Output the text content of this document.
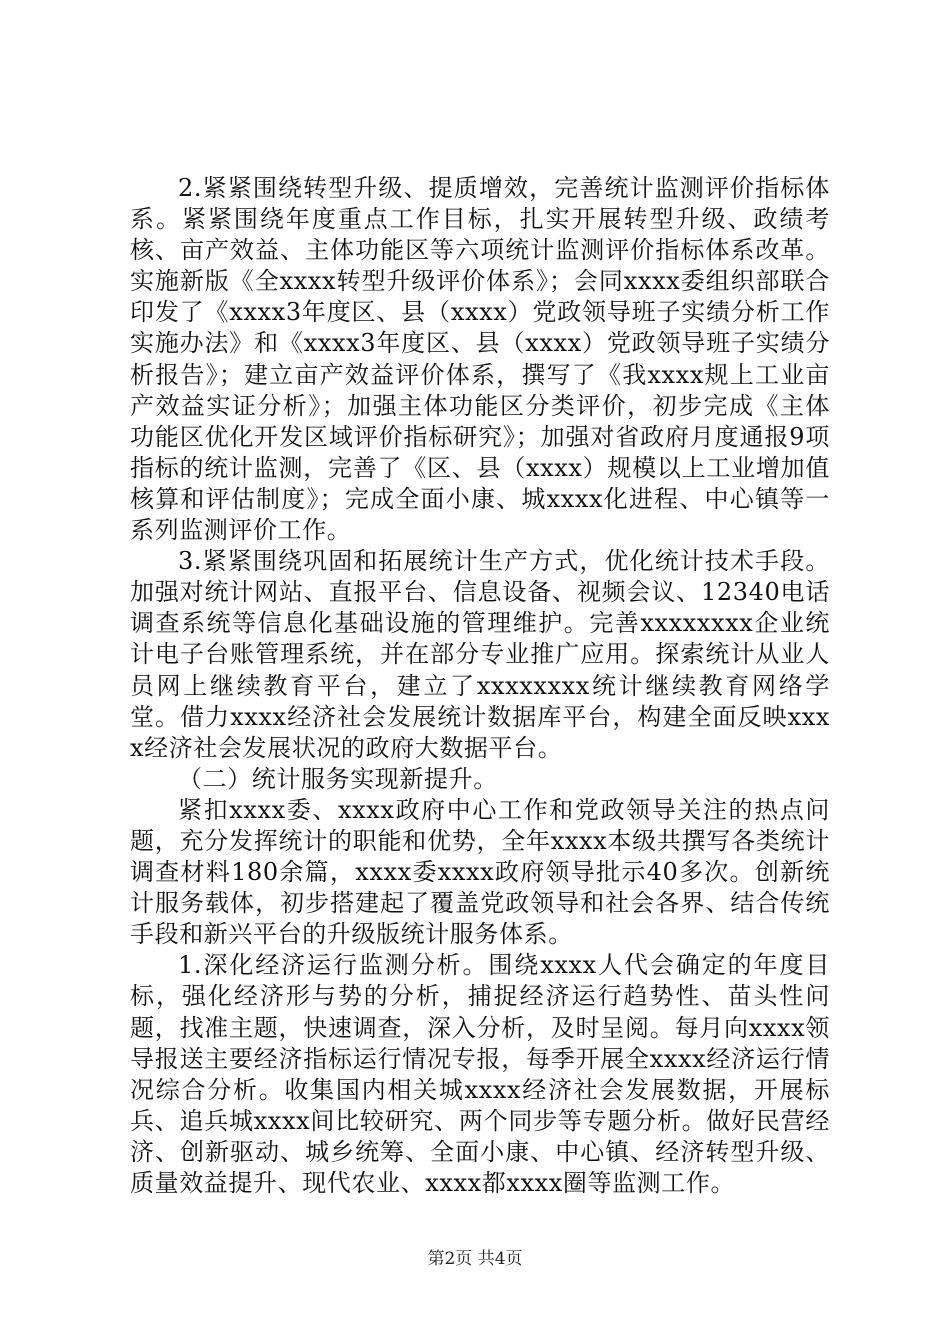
2.紧紧围绕转型升级、提质增效，完善统计监测评价指标体系。紧紧围绕年度重点工作目标，扎实开展转型升级、政绩考核、亩产效益、主体功能区等六项统计监测评价指标体系改革。实施新版《全xxxx转型升级评价体系》；会同xxxx委组织部联合印发了《xxxx3年度区、县（xxxx）党政领导班子实绩分析工作实施办法》和《xxxx3年度区、县（xxxx）党政领导班子实绩分析报告》；建立亩产效益评价体系，撰写了《我xxxx规上工业亩产效益实证分析》；加强主体功能区分类评价，初步完成《主体功能区优化开发区域评价指标研究》；加强对省政府月度通报9项指标的统计监测，完善了《区、县（xxxx）规模以上工业增加值核算和评估制度》；完成全面小康、城xxxx化进程、中心镇等一系列监测评价工作。

3.紧紧围绕巩固和拓展统计生产方式，优化统计技术手段。加强对统计网站、直报平台、信息设备、视频会议、12340电话调查系统等信息化基础设施的管理维护。完善xxxxxxxx企业统计电子台账管理系统，并在部分专业推广应用。探索统计从业人员网上继续教育平台，建立了xxxxxxxx统计继续教育网络学堂。借力xxxx经济社会发展统计数据库平台，构建全面反映xxxx经济社会发展状况的政府大数据平台。

（二）统计服务实现新提升。

紧扣xxxx委、xxxx政府中心工作和党政领导关注的热点问题，充分发挥统计的职能和优势，全年xxxx本级共撰写各类统计调查材料180余篇，xxxx委xxxx政府领导批示40多次。创新统计服务载体，初步搭建起了覆盖党政领导和社会各界、结合传统手段和新兴平台的升级版统计服务体系。

1.深化经济运行监测分析。围绕xxxx人代会确定的年度目标，强化经济形与势的分析，捕捉经济运行趋势性、苗头性问题，找准主题，快速调查，深入分析，及时呈阅。每月向xxxx领导报送主要经济指标运行情况专报，每季开展全xxxx经济运行情况综合分析。收集国内相关城xxxx经济社会发展数据，开展标兵、追兵城xxxx间比较研究、两个同步等专题分析。做好民营经济、创新驱动、城乡统筹、全面小康、中心镇、经济转型升级、质量效益提升、现代农业、xxxx都xxxx圈等监测工作。

第2页 共4页
